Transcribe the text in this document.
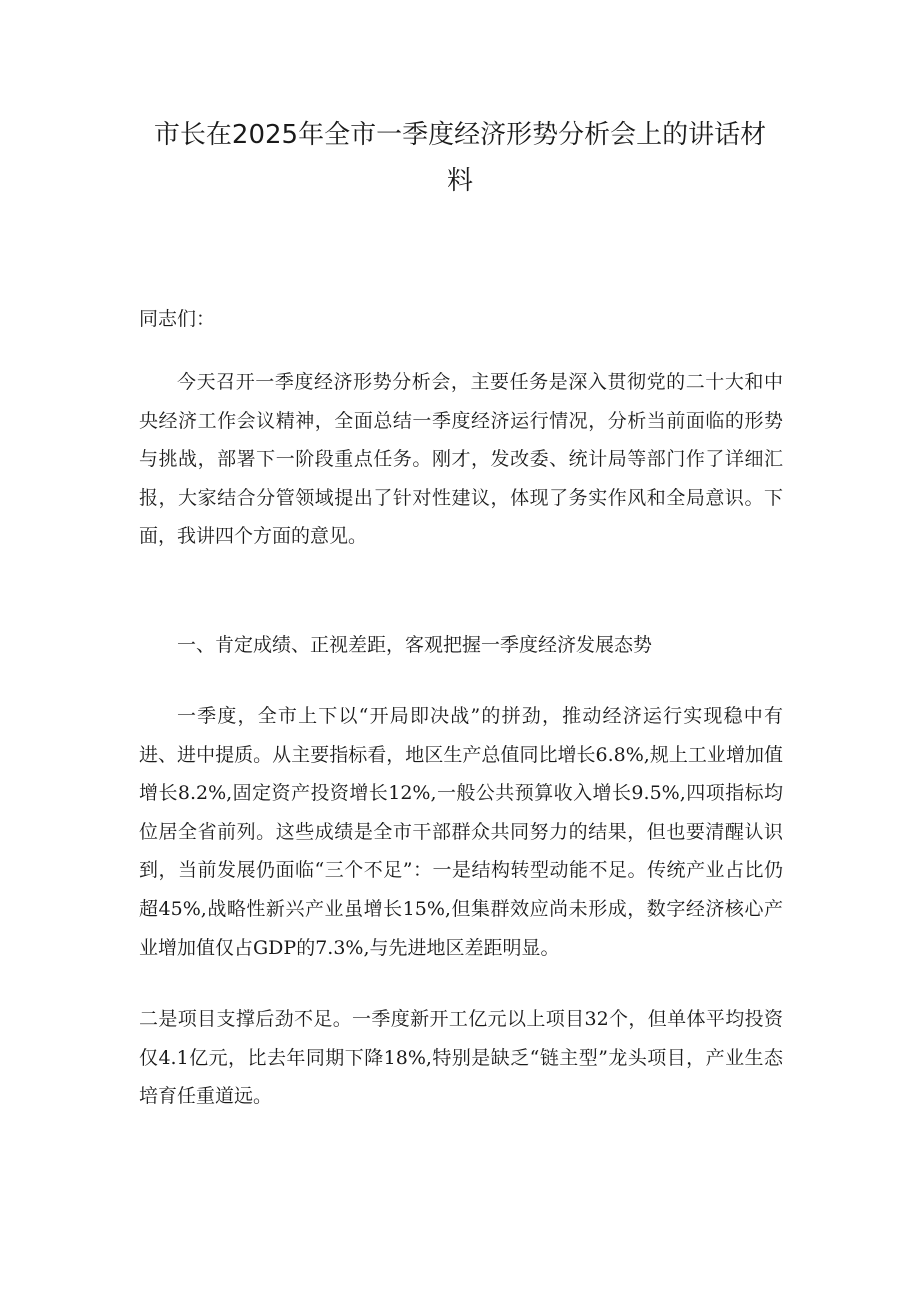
市长在2025年全市一季度经济形势分析会上的讲话材料

同志们：

今天召开一季度经济形势分析会，主要任务是深入贯彻党的二十大和中央经济工作会议精神，全面总结一季度经济运行情况，分析当前面临的形势与挑战，部署下一阶段重点任务。刚才，发改委、统计局等部门作了详细汇报，大家结合分管领域提出了针对性建议，体现了务实作风和全局意识。下面，我讲四个方面的意见。

一、肯定成绩、正视差距，客观把握一季度经济发展态势

一季度，全市上下以“开局即决战”的拼劲，推动经济运行实现稳中有进、进中提质。从主要指标看，地区生产总值同比增长6.8%,规上工业增加值增长8.2%,固定资产投资增长12%,一般公共预算收入增长9.5%,四项指标均位居全省前列。这些成绩是全市干部群众共同努力的结果，但也要清醒认识到，当前发展仍面临“三个不足”：一是结构转型动能不足。传统产业占比仍超45%,战略性新兴产业虽增长15%,但集群效应尚未形成，数字经济核心产业增加值仅占GDP的7.3%,与先进地区差距明显。

二是项目支撑后劲不足。一季度新开工亿元以上项目32个，但单体平均投资仅4.1亿元，比去年同期下降18%,特别是缺乏“链主型”龙头项目，产业生态培育任重道远。
